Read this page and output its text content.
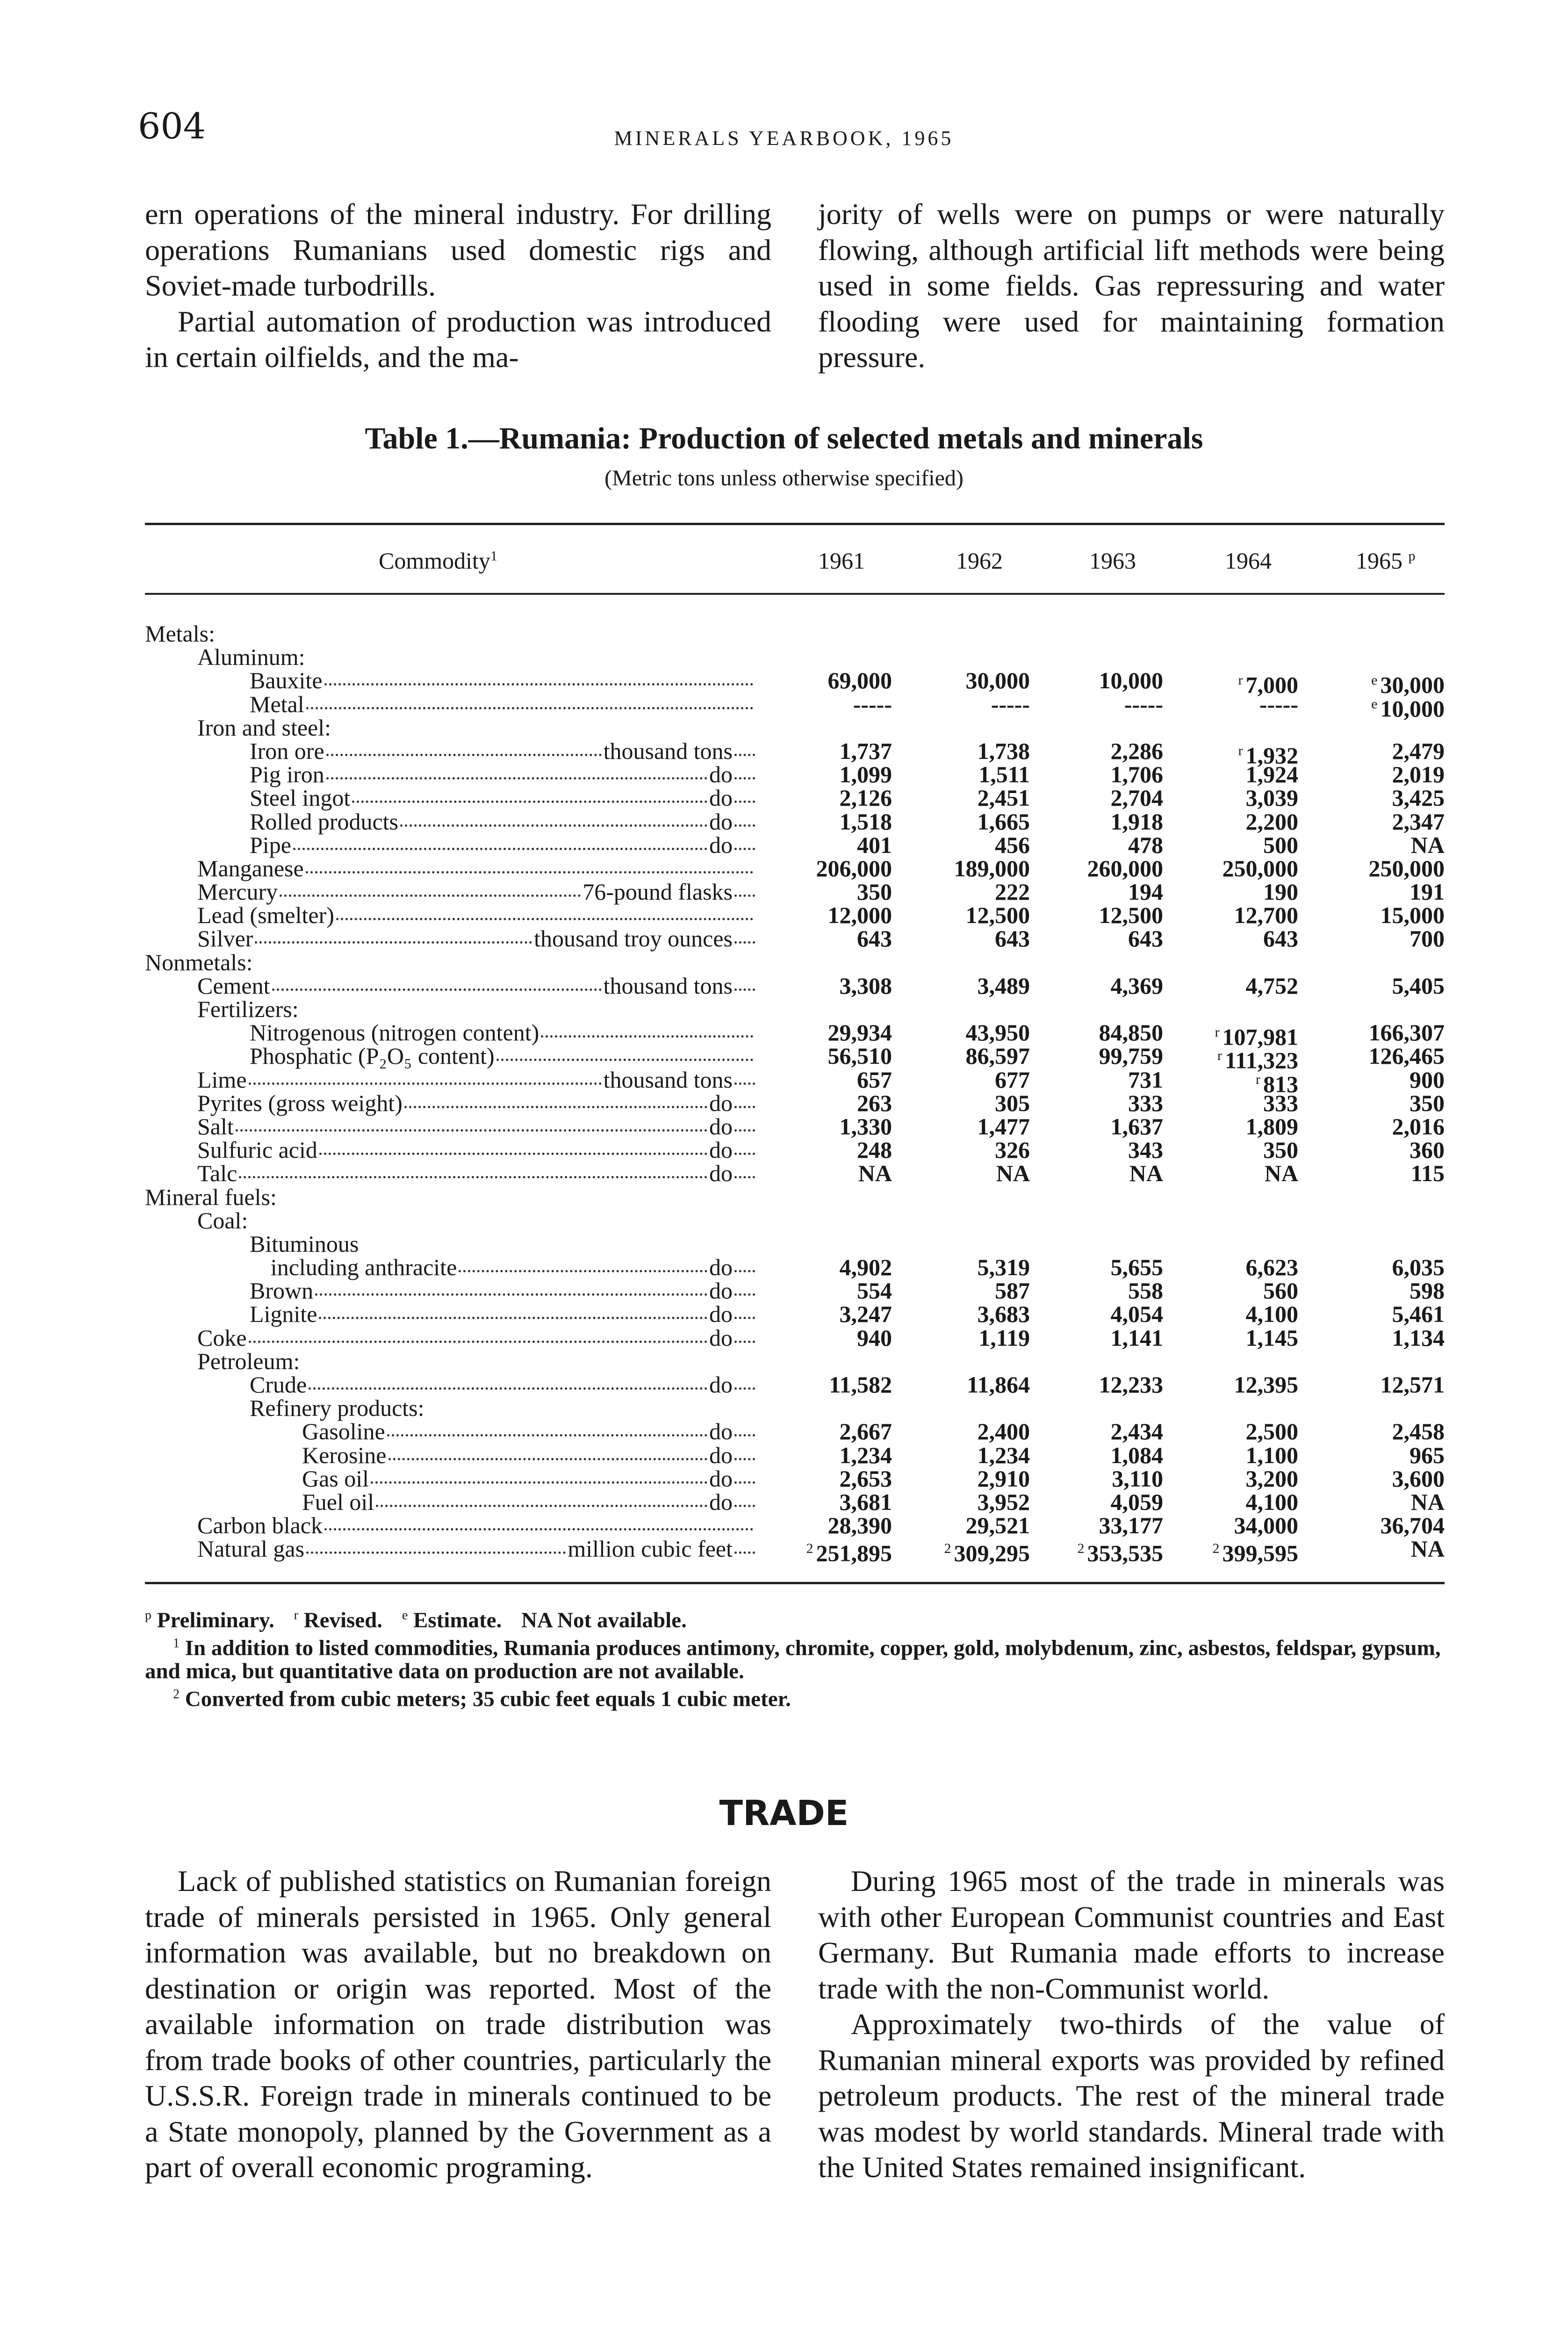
604	MINERALS YEARBOOK, 1965

ern operations of the mineral industry. For drilling operations Rumanians used domestic rigs and Soviet-made turbodrills.

Partial automation of production was introduced in certain oilfields, and the ma-

jority of wells were on pumps or were naturally flowing, although artificial lift methods were being used in some fields. Gas repressuring and water flooding were used for maintaining formation pressure.

Table 1.—Rumania: Production of selected metals and minerals
(Metric tons unless otherwise specified)
Commodity$^1$	1961	1962	1963	1964	1965 $^p$
Metals:
Aluminum:
Bauxite	69,000	30,000	10,000	$^r$ 7,000	$^e$ 30,000
Metal	-----	-----	-----	-----	$^e$ 10,000
Iron and steel:
Iron ore	thousand tons	1,737	1,738	2,286	$^r$ 1,932	2,479
Pig iron	do	1,099	1,511	1,706	1,924	2,019
Steel ingot	do	2,126	2,451	2,704	3,039	3,425
Rolled products	do	1,518	1,665	1,918	2,200	2,347
Pipe	do	401	456	478	500	NA
Manganese	206,000	189,000	260,000	250,000	250,000
Mercury	76-pound flasks	350	222	194	190	191
Lead (smelter)	12,000	12,500	12,500	12,700	15,000
Silver	thousand troy ounces	643	643	643	643	700
Nonmetals:
Cement	thousand tons	3,308	3,489	4,369	4,752	5,405
Fertilizers:
Nitrogenous (nitrogen content)	29,934	43,950	84,850	$^r$ 107,981	166,307
Phosphatic (P₂O₅ content)	56,510	86,597	99,759	$^r$ 111,323	126,465
Lime	thousand tons	657	677	731	$^r$ 813	900
Pyrites (gross weight)	do	263	305	333	333	350
Salt	do	1,330	1,477	1,637	1,809	2,016
Sulfuric acid	do	248	326	343	350	360
Talc	do	NA	NA	NA	NA	115
Mineral fuels:
Coal:
Bituminous
including anthracite	do	4,902	5,319	5,655	6,623	6,035
Brown	do	554	587	558	560	598
Lignite	do	3,247	3,683	4,054	4,100	5,461
Coke	do	940	1,119	1,141	1,145	1,134
Petroleum:
Crude	do	11,582	11,864	12,233	12,395	12,571
Refinery products:
Gasoline	do	2,667	2,400	2,434	2,500	2,458
Kerosine	do	1,234	1,234	1,084	1,100	965
Gas oil	do	2,653	2,910	3,110	3,200	3,600
Fuel oil	do	3,681	3,952	4,059	4,100	NA
Carbon black	28,390	29,521	33,177	34,000	36,704
Natural gas	million cubic feet	$^2$ 251,895	$^2$ 309,295	$^2$ 353,535	$^2$ 399,595	NA

$^p$ Preliminary. $^r$ Revised. $^e$ Estimate. NA Not available.

$^1$ In addition to listed commodities, Rumania produces antimony, chromite, copper, gold, molybdenum, zinc, asbestos, feldspar, gypsum, and mica, but quantitative data on production are not available.

$^2$ Converted from cubic meters; 35 cubic feet equals 1 cubic meter.

TRADE

Lack of published statistics on Rumanian foreign trade of minerals persisted in 1965. Only general information was available, but no breakdown on destination or origin was reported. Most of the available information on trade distribution was from trade books of other countries, particularly the U.S.S.R. Foreign trade in minerals continued to be a State monopoly, planned by the Government as a part of overall economic programing.

During 1965 most of the trade in minerals was with other European Communist countries and East Germany. But Rumania made efforts to increase trade with the non-Communist world.

Approximately two-thirds of the value of Rumanian mineral exports was provided by refined petroleum products. The rest of the mineral trade was modest by world standards. Mineral trade with the United States remained insignificant.
